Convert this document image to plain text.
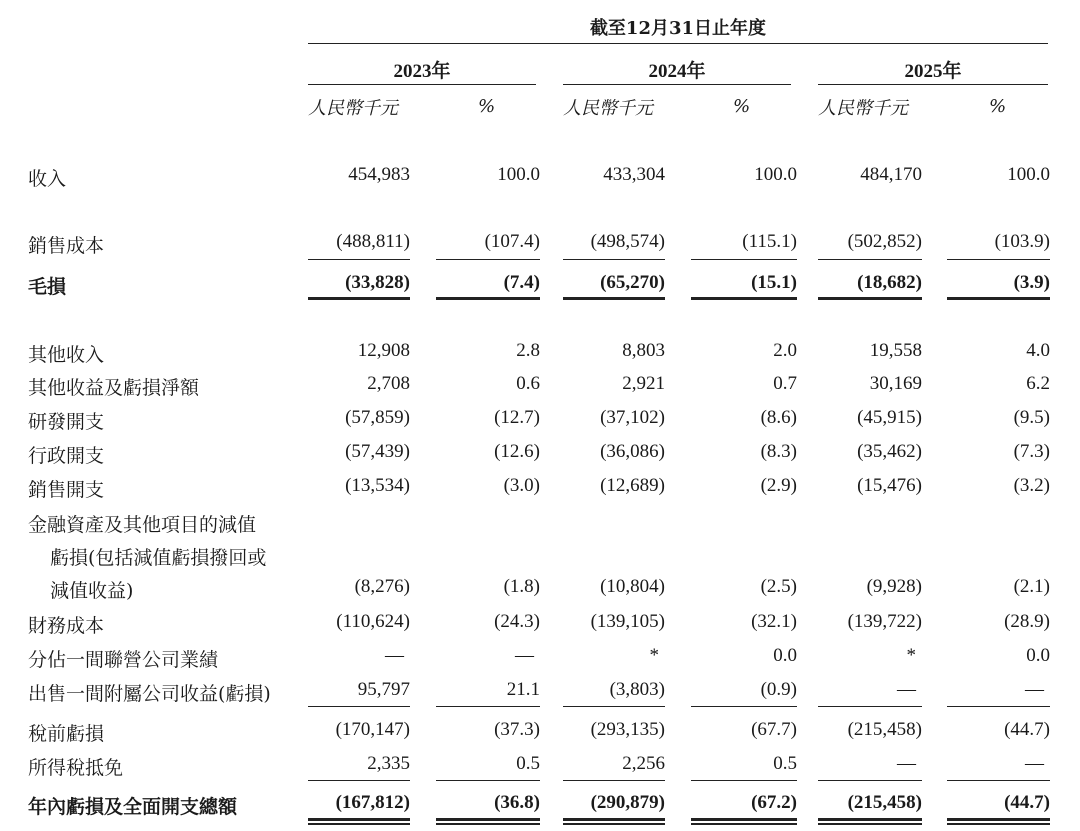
截至12月31日止年度
2023年	2024年	2025年
人民幣千元	%	人民幣千元	%	人民幣千元	%
收入	454,983	100.0	433,304	100.0	484,170	100.0
銷售成本	(488,811)	(107.4)	(498,574)	(115.1)	(502,852)	(103.9)
毛損	(33,828)	(7.4)	(65,270)	(15.1)	(18,682)	(3.9)
其他收入	12,908	2.8	8,803	2.0	19,558	4.0
其他收益及虧損淨額	2,708	0.6	2,921	0.7	30,169	6.2
研發開支	(57,859)	(12.7)	(37,102)	(8.6)	(45,915)	(9.5)
行政開支	(57,439)	(12.6)	(36,086)	(8.3)	(35,462)	(7.3)
銷售開支	(13,534)	(3.0)	(12,689)	(2.9)	(15,476)	(3.2)
金融資產及其他項目的減值
虧損(包括減值虧損撥回或
減值收益)	(8,276)	(1.8)	(10,804)	(2.5)	(9,928)	(2.1)
財務成本	(110,624)	(24.3)	(139,105)	(32.1)	(139,722)	(28.9)
分佔一間聯營公司業績	—	—	*	0.0	*	0.0
出售一間附屬公司收益(虧損)	95,797	21.1	(3,803)	(0.9)	—	—
稅前虧損	(170,147)	(37.3)	(293,135)	(67.7)	(215,458)	(44.7)
所得稅抵免	2,335	0.5	2,256	0.5	—	—
年內虧損及全面開支總額	(167,812)	(36.8)	(290,879)	(67.2)	(215,458)	(44.7)
